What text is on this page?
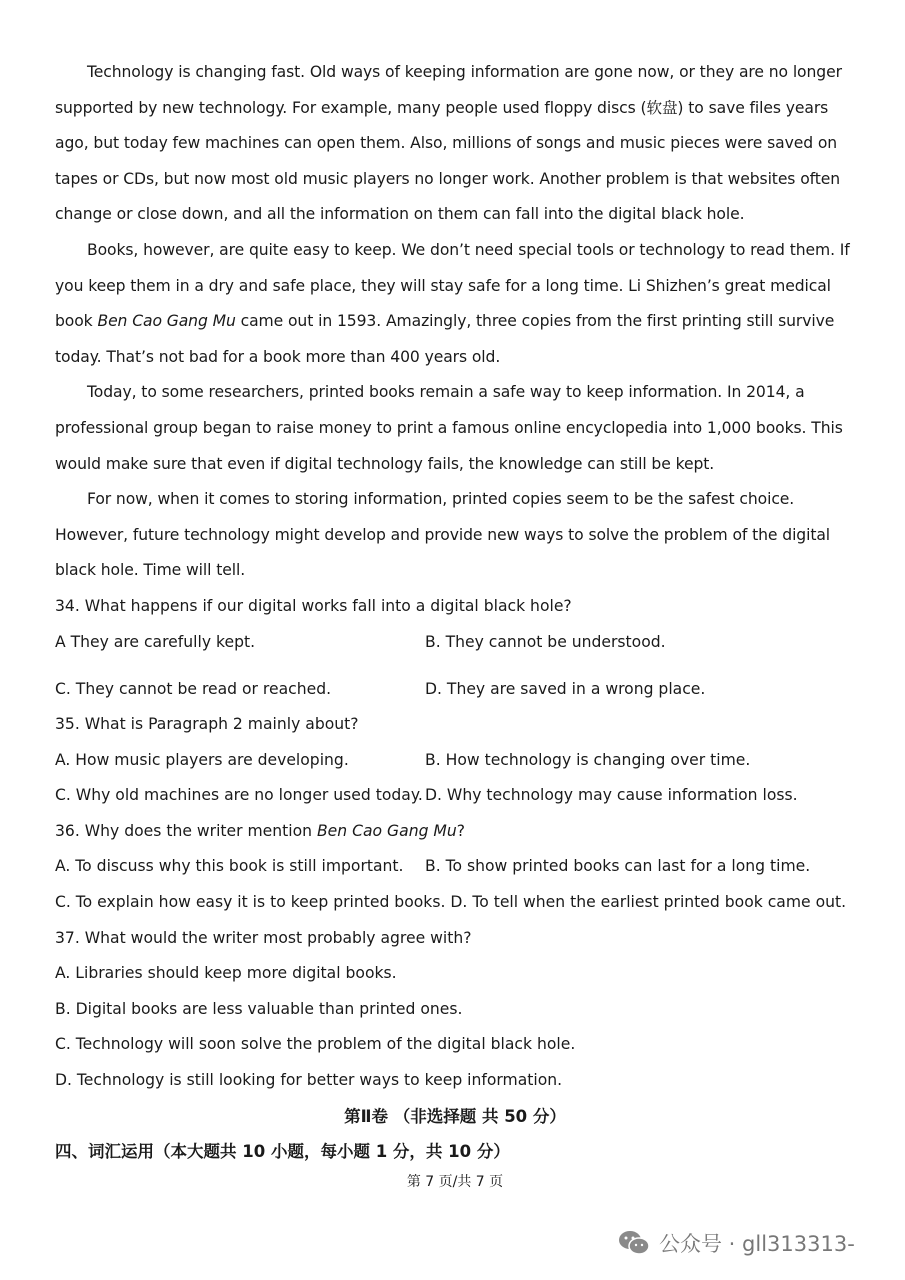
Technology is changing fast. Old ways of keeping information are gone now, or they are no longer supported by new technology. For example, many people used floppy discs (软盘) to save files years ago, but today few machines can open them. Also, millions of songs and music pieces were saved on tapes or CDs, but now most old music players no longer work. Another problem is that websites often change or close down, and all the information on them can fall into the digital black hole.

Books, however, are quite easy to keep. We don’t need special tools or technology to read them. If you keep them in a dry and safe place, they will stay safe for a long time. Li Shizhen’s great medical book Ben Cao Gang Mu came out in 1593. Amazingly, three copies from the first printing still survive today. That’s not bad for a book more than 400 years old.

Today, to some researchers, printed books remain a safe way to keep information. In 2014, a professional group began to raise money to print a famous online encyclopedia into 1,000 books. This would make sure that even if digital technology fails, the knowledge can still be kept.

For now, when it comes to storing information, printed copies seem to be the safest choice. However, future technology might develop and provide new ways to solve the problem of the digital black hole. Time will tell.

34. What happens if our digital works fall into a digital black hole?

A They are carefully kept.	B. They cannot be understood.
C. They cannot be read or reached.	D. They are saved in a wrong place.

35. What is Paragraph 2 mainly about?

A. How music players are developing.	B. How technology is changing over time.
C. Why old machines are no longer used today. D. Why technology may cause information loss.

36. Why does the writer mention Ben Cao Gang Mu?

A. To discuss why this book is still important.	B. To show printed books can last for a long time.
C. To explain how easy it is to keep printed books. D. To tell when the earliest printed book came out.

37. What would the writer most probably agree with?

A. Libraries should keep more digital books.

B. Digital books are less valuable than printed ones.

C. Technology will soon solve the problem of the digital black hole.

D. Technology is still looking for better ways to keep information.

第Ⅱ卷 （非选择题 共 50 分）

四、词汇运用（本大题共 10 小题，每小题 1 分，共 10 分）

第 7 页/共 7 页

公众号 · gll313313-
